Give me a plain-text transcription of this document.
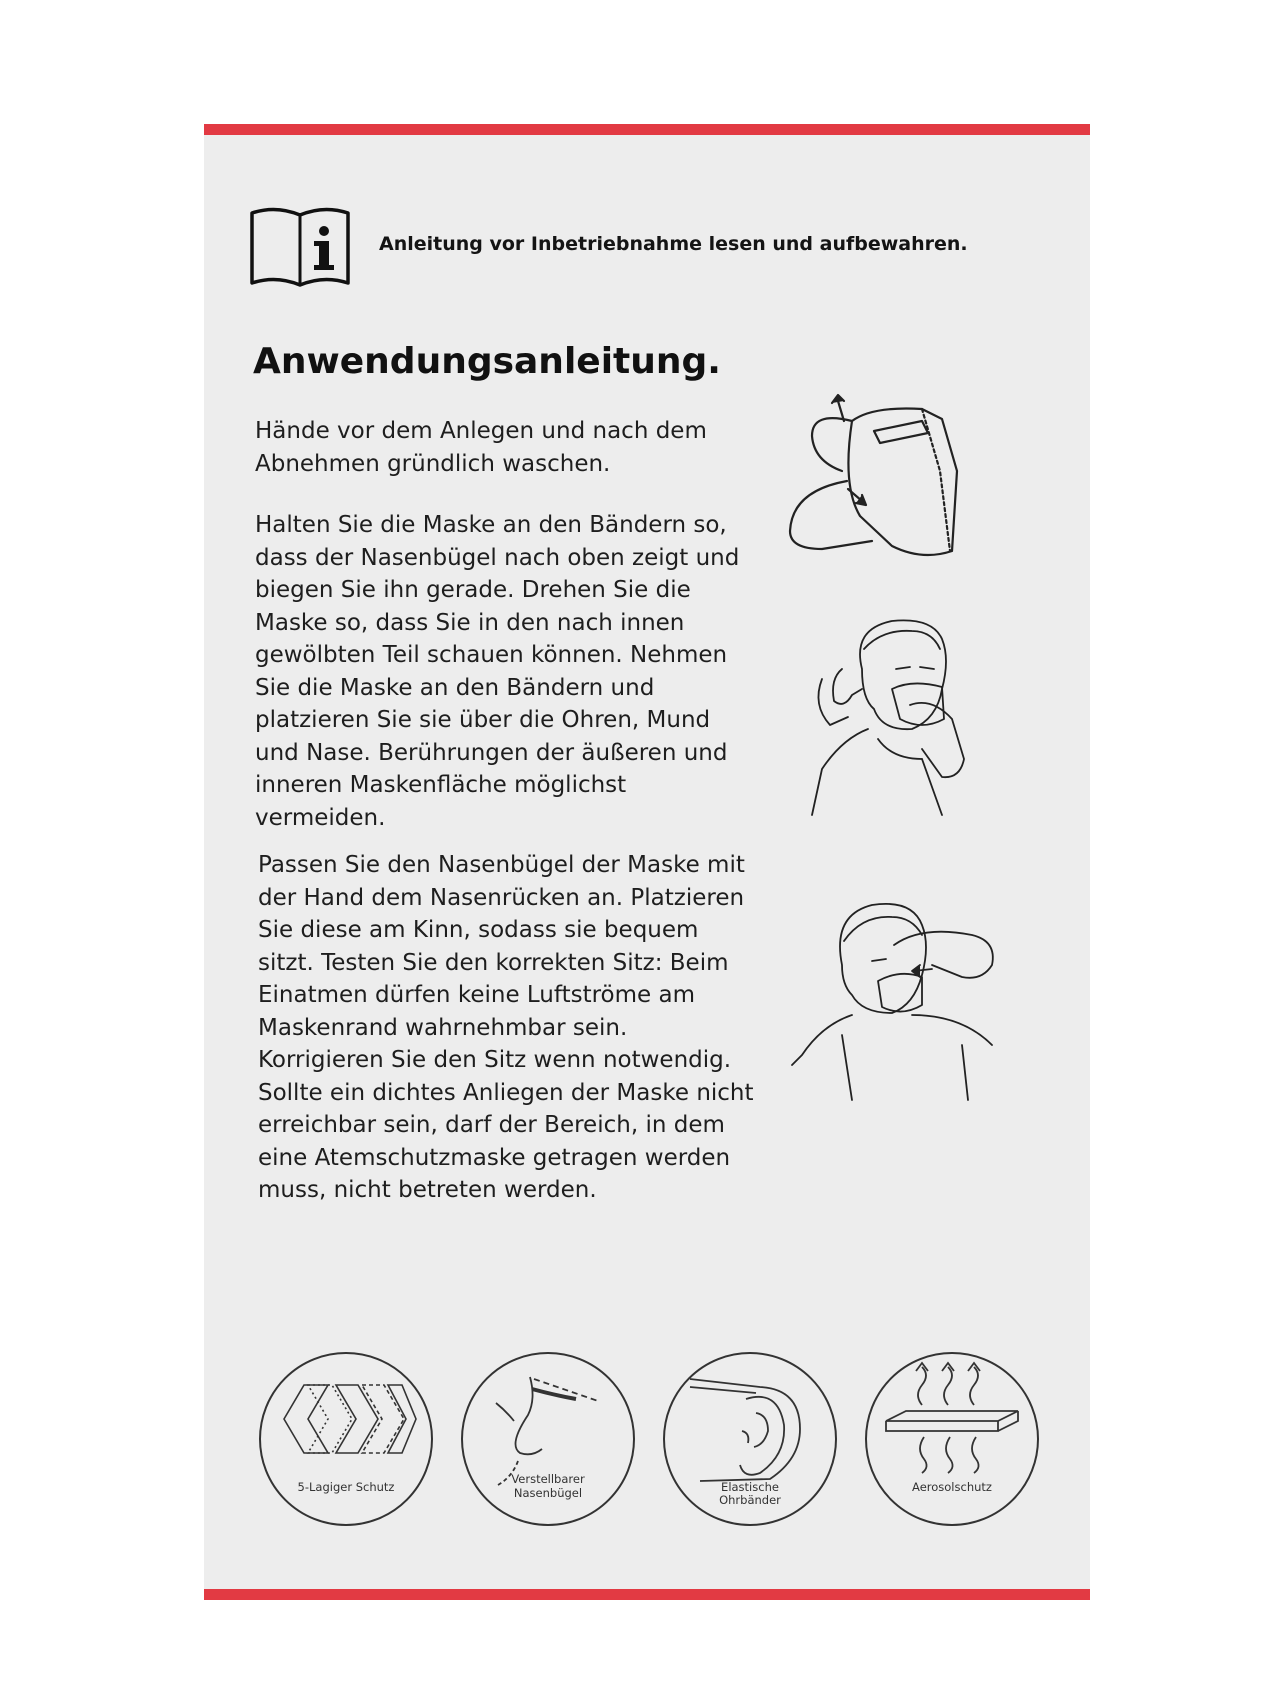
Anleitung vor Inbetriebnahme lesen und aufbewahren.
Anwendungsanleitung.

Hände vor dem Anlegen und nach dem Abnehmen gründlich waschen.

Halten Sie die Maske an den Bändern so, dass der Nasenbügel nach oben zeigt und biegen Sie ihn gerade. Drehen Sie die Maske so, dass Sie in den nach innen gewölbten Teil schauen können. Nehmen Sie die Maske an den Bändern und platzieren Sie sie über die Ohren, Mund und Nase. Berührungen der äußeren und inneren Maskenfläche möglichst vermeiden.

Passen Sie den Nasenbügel der Maske mit der Hand dem Nasenrücken an. Platzieren Sie diese am Kinn, sodass sie bequem sitzt. Testen Sie den korrekten Sitz: Beim Einatmen dürfen keine Luftströme am Maskenrand wahrnehmbar sein. Korrigieren Sie den Sitz wenn notwendig. Sollte ein dichtes Anliegen der Maske nicht erreichbar sein, darf der Bereich, in dem eine Atemschutzmaske getragen werden muss, nicht betreten werden.

5-Lagiger Schutz
Verstellbarer
Nasenbügel	Elastische Ohrbänder
Aerosolschutz
